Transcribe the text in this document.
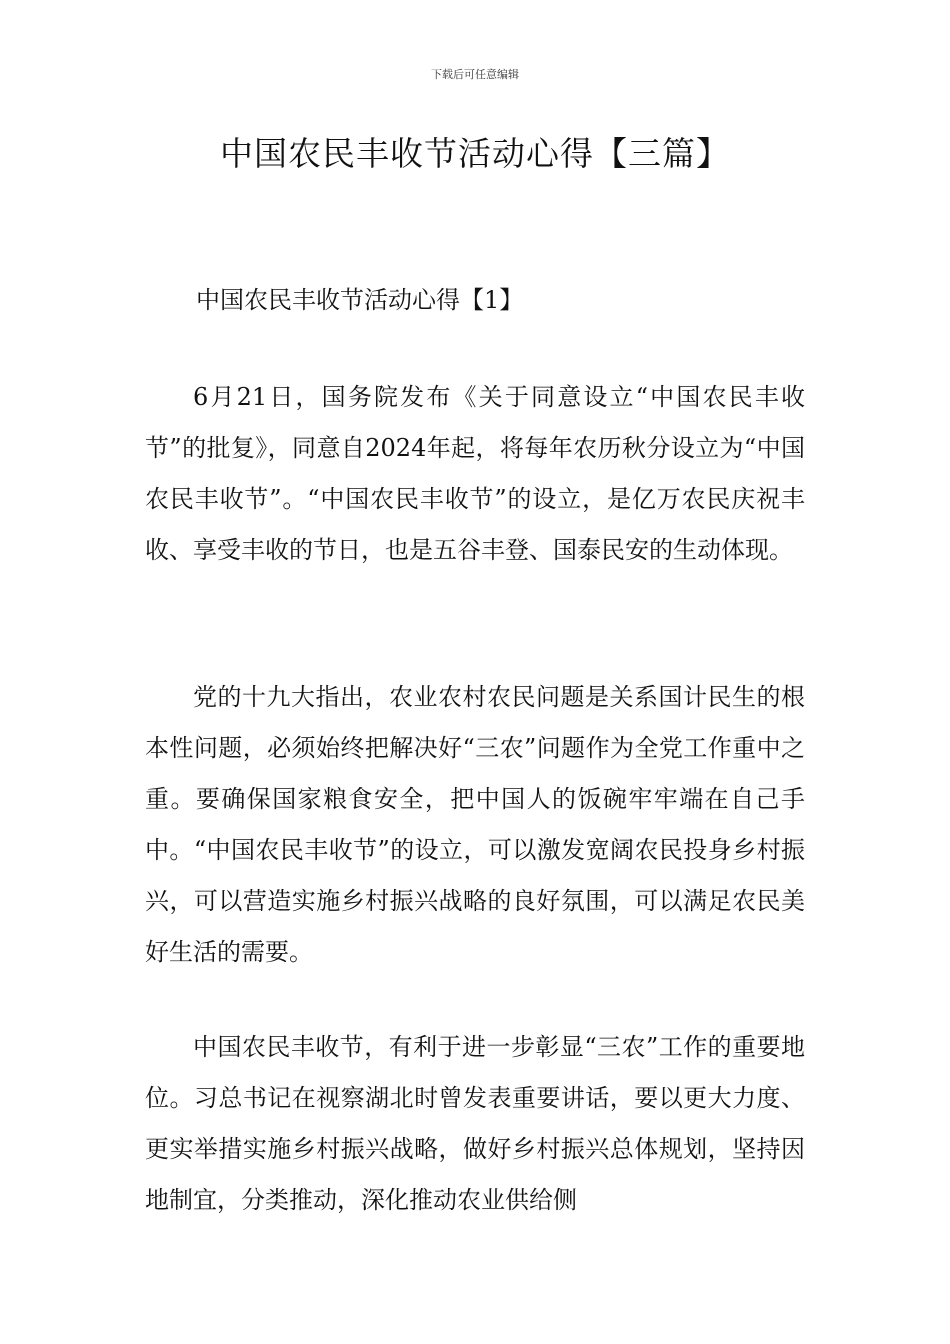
下载后可任意编辑
中国农民丰收节活动心得【三篇】
中国农民丰收节活动心得【1】

6月21日，国务院发布《关于同意设立“中国农民丰收节”的批复》，同意自2024年起，将每年农历秋分设立为“中国农民丰收节”。“中国农民丰收节”的设立，是亿万农民庆祝丰收、享受丰收的节日，也是五谷丰登、国泰民安的生动体现。

党的十九大指出，农业农村农民问题是关系国计民生的根本性问题，必须始终把解决好“三农”问题作为全党工作重中之重。要确保国家粮食安全，把中国人的饭碗牢牢端在自己手中。“中国农民丰收节”的设立，可以激发宽阔农民投身乡村振兴，可以营造实施乡村振兴战略的良好氛围，可以满足农民美好生活的需要。

中国农民丰收节，有利于进一步彰显“三农”工作的重要地位。习总书记在视察湖北时曾发表重要讲话，要以更大力度、更实举措实施乡村振兴战略，做好乡村振兴总体规划，坚持因地制宜，分类推动，深化推动农业供给侧
